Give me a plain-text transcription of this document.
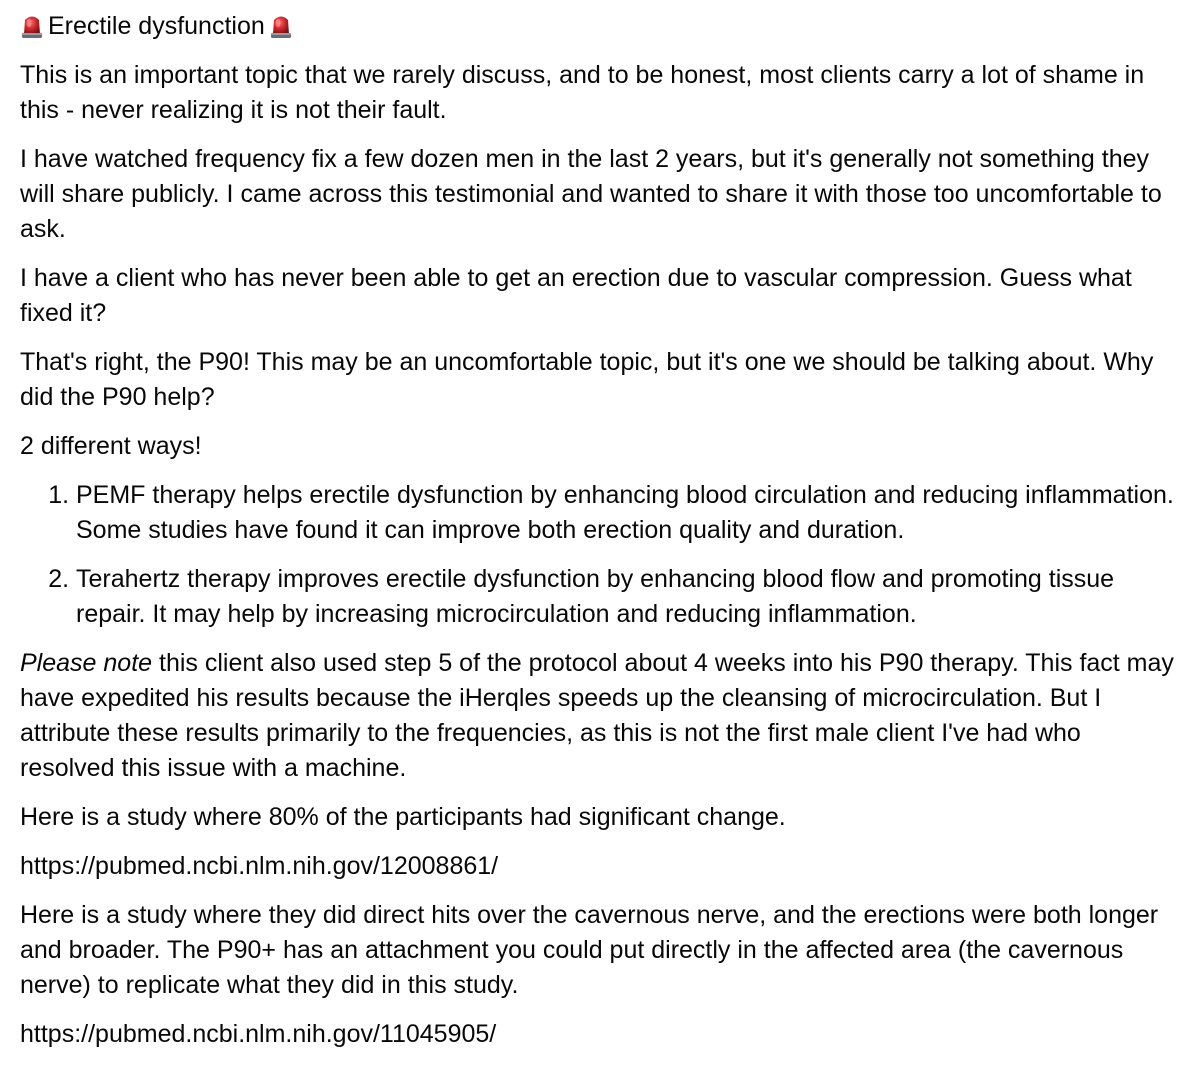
Erectile dysfunction

This is an important topic that we rarely discuss, and to be honest, most clients carry a lot of shame in this - never realizing it is not their fault.

I have watched frequency fix a few dozen men in the last 2 years, but it's generally not something they will share publicly. I came across this testimonial and wanted to share it with those too uncomfortable to ask.

I have a client who has never been able to get an erection due to vascular compression. Guess what fixed it?

That's right, the P90! This may be an uncomfortable topic, but it's one we should be talking about. Why did the P90 help?

2 different ways!

1. PEMF therapy helps erectile dysfunction by enhancing blood circulation and reducing inflammation. Some studies have found it can improve both erection quality and duration.
2. Terahertz therapy improves erectile dysfunction by enhancing blood flow and promoting tissue repair. It may help by increasing microcirculation and reducing inflammation.

Please note this client also used step 5 of the protocol about 4 weeks into his P90 therapy. This fact may have expedited his results because the iHerqles speeds up the cleansing of microcirculation. But I attribute these results primarily to the frequencies, as this is not the first male client I've had who resolved this issue with a machine.

Here is a study where 80% of the participants had significant change.

https://pubmed.ncbi.nlm.nih.gov/12008861/

Here is a study where they did direct hits over the cavernous nerve, and the erections were both longer and broader. The P90+ has an attachment you could put directly in the affected area (the cavernous nerve) to replicate what they did in this study.

https://pubmed.ncbi.nlm.nih.gov/11045905/
